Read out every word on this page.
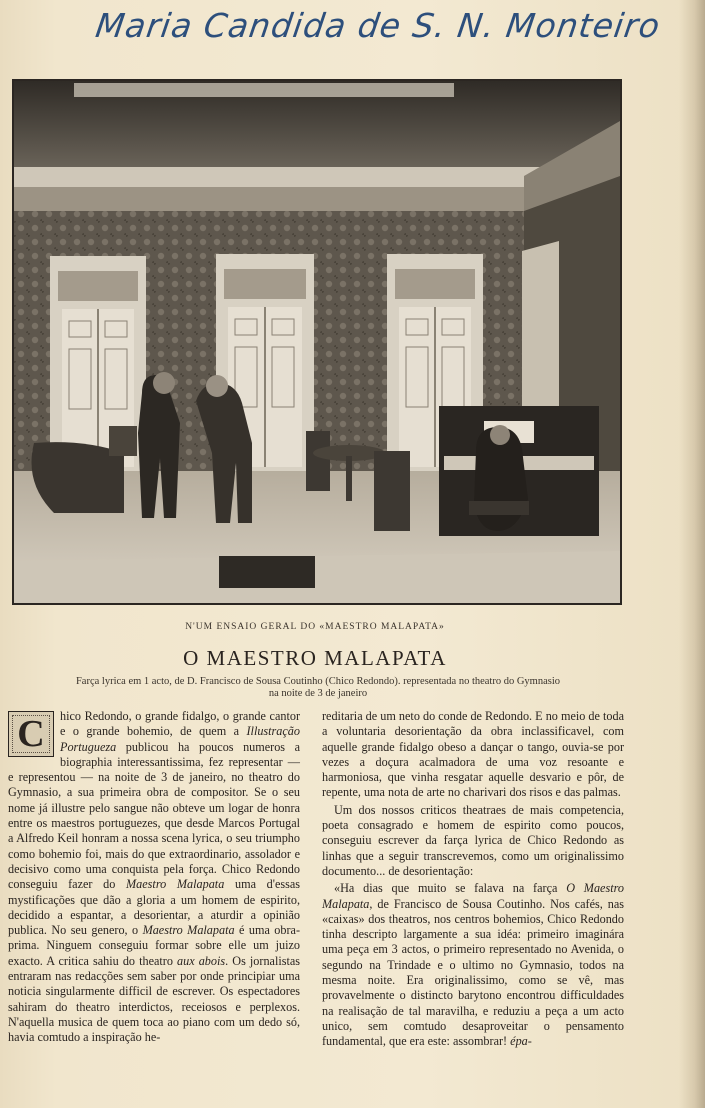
Maria Candida de S. N. Monteiro
N'UM ENSAIO GERAL DO «MAESTRO MALAPATA»
O MAESTRO MALAPATA
Farça lyrica em 1 acto, de D. Francisco de Sousa Coutinho (Chico Redondo). representada no theatro do Gymnasio
na noite de 3 de janeiro

C	hico Redondo, o grande fidalgo, o grande cantor e o grande bohemio, de quem a Illustração Portugueza publicou ha poucos numeros a biographia interessantissima, fez representar — e representou — na noite de 3 de janeiro, no theatro do Gymnasio, a sua primeira obra de compositor. Se o seu nome já illustre pelo sangue não obteve um logar de honra entre os maestros portuguezes, que desde Marcos Portugal a Alfredo Keil honram a nossa scena lyrica, o seu triumpho como bohemio foi, mais do que extraordinario, assolador e decisivo como uma conquista pela força. Chico Redondo conseguiu fazer do Maestro Malapata uma d'essas mystificações que dão a gloria a um homem de espirito, decidido a espantar, a desorientar, a aturdir a opinião publica. No seu genero, o Maestro Malapata é uma obra-prima. Ninguem conseguiu formar sobre elle um juizo exacto. A critica sahiu do theatro aux abois. Os jornalistas entraram nas redacções sem saber por onde principiar uma noticia singularmente difficil de escrever. Os espectadores sahiram do theatro interdictos, receiosos e perplexos. N'aquella musica de quem toca ao piano com um dedo só, havia comtudo a inspiração he-

reditaria de um neto do conde de Redondo. E no meio de toda a voluntaria desorientação da obra inclassificavel, com aquelle grande fidalgo obeso a dançar o tango, ouvia-se por vezes a doçura acalmadora de uma voz resoante e harmoniosa, que vinha resgatar aquelle desvario e pôr, de repente, uma nota de arte no charivari dos risos e das palmas.

Um dos nossos criticos theatraes de mais competencia, poeta consagrado e homem de espirito como poucos, conseguiu escrever da farça lyrica de Chico Redondo as linhas que a seguir transcrevemos, como um originalissimo documento... de desorientação:

«Ha dias que muito se falava na farça O Maestro Malapata, de Francisco de Sousa Coutinho. Nos cafés, nas «caixas» dos theatros, nos centros bohemios, Chico Redondo tinha descripto largamente a sua idéa: primeiro imaginára uma peça em 3 actos, o primeiro representado no Avenida, o segundo na Trindade e o ultimo no Gymnasio, todos na mesma noite. Era originalissimo, como se vê, mas provavelmente o distincto barytono encontrou difficuldades na realisação de tal maravilha, e reduziu a peça a um acto unico, sem comtudo desaproveitar o pensamento fundamental, que era este: assombrar! épa-
